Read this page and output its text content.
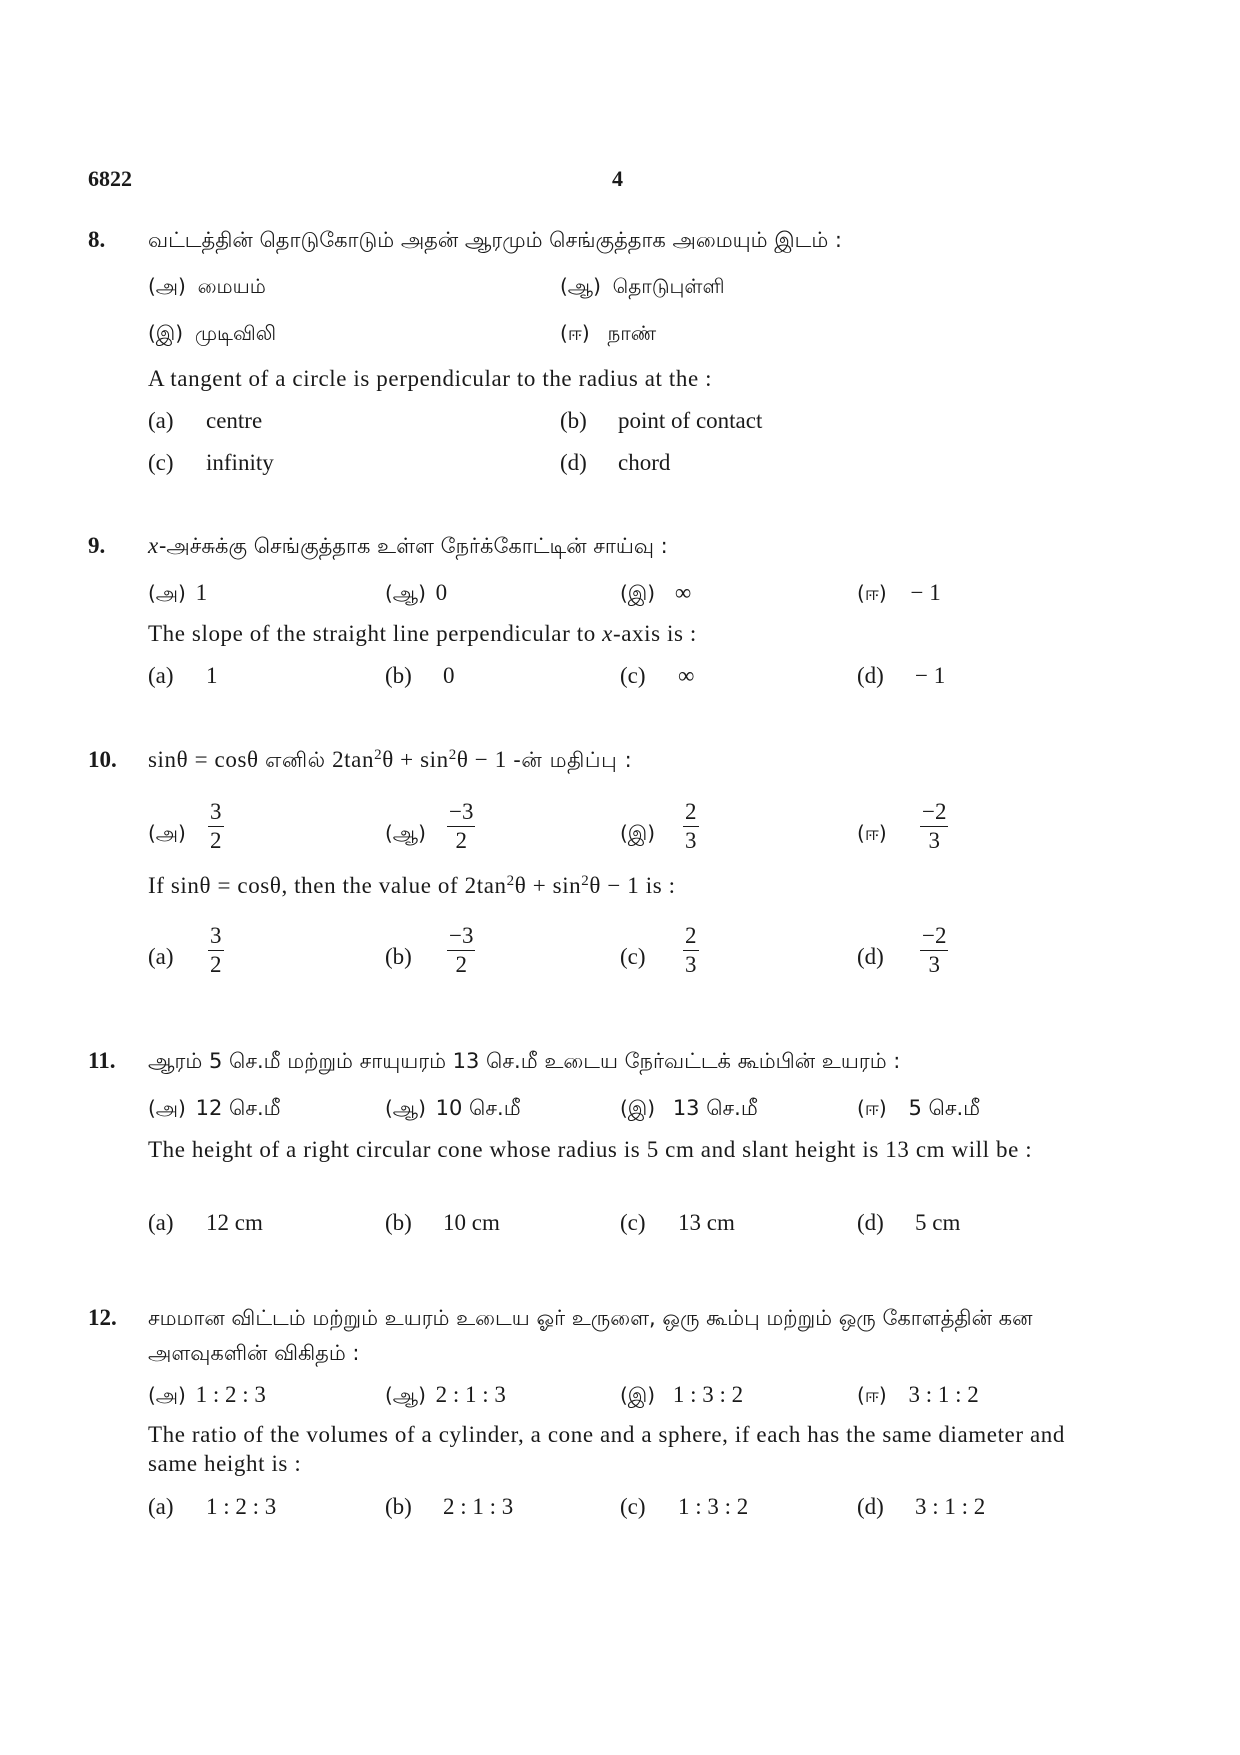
6822	4
8. வட்டத்தின் தொடுகோடும் அதன் ஆரமும் செங்குத்தாக அமையும் இடம் :
(அ) மையம்	(ஆ) தொடுபுள்ளி
(இ) முடிவிலி	(ஈ) நாண்
A tangent of a circle is perpendicular to the radius at the :
(a) centre	(b) point of contact
(c) infinity	(d) chord
9. x-அச்சுக்கு செங்குத்தாக உள்ள நேர்க்கோட்டின் சாய்வு :
(அ) 1	(ஆ) 0	(இ) ∞	(ஈ) − 1
The slope of the straight line perpendicular to x-axis is :
(a) 1	(b) 0	(c) ∞	(d) − 1
10. sinθ = cosθ எனில் $2\tan^2\theta + \sin^2\theta - 1$ -ன் மதிப்பு :
(அ) $\frac{3}{2}$	(ஆ) $\frac{-3}{2}$	(இ) $\frac{2}{3}$	(ஈ) $\frac{-2}{3}$
If sinθ = cosθ, then the value of $2\tan^2\theta + \sin^2\theta - 1$ is :
$(a) \frac{3}{2}$	$(b) \frac{-3}{2}$	$(c) \frac{2}{3}$	$(d) \frac{-2}{3}$
11. ஆரம் 5 செ.மீ மற்றும் சாயுயரம் 13 செ.மீ உடைய நேர்வட்டக் கூம்பின் உயரம் :
(அ) 12 செ.மீ	(ஆ) 10 செ.மீ	(இ) 13 செ.மீ	(ஈ) 5 செ.மீ
The height of a right circular cone whose radius is 5 cm and slant height is 13 cm will be :
(a) 12 cm	(b) 10 cm	(c) 13 cm	(d) 5 cm
12. சமமான விட்டம் மற்றும் உயரம் உடைய ஓர் உருளை, ஒரு கூம்பு மற்றும் ஒரு கோளத்தின் கன அளவுகளின் விகிதம் :
(அ) 1 : 2 : 3	(ஆ) 2 : 1 : 3	(இ) 1 : 3 : 2	(ஈ) 3 : 1 : 2
The ratio of the volumes of a cylinder, a cone and a sphere, if each has the same diameter and same height is :
(a) 1 : 2 : 3	(b) 2 : 1 : 3	(c) 1 : 3 : 2	(d) 3 : 1 : 2
